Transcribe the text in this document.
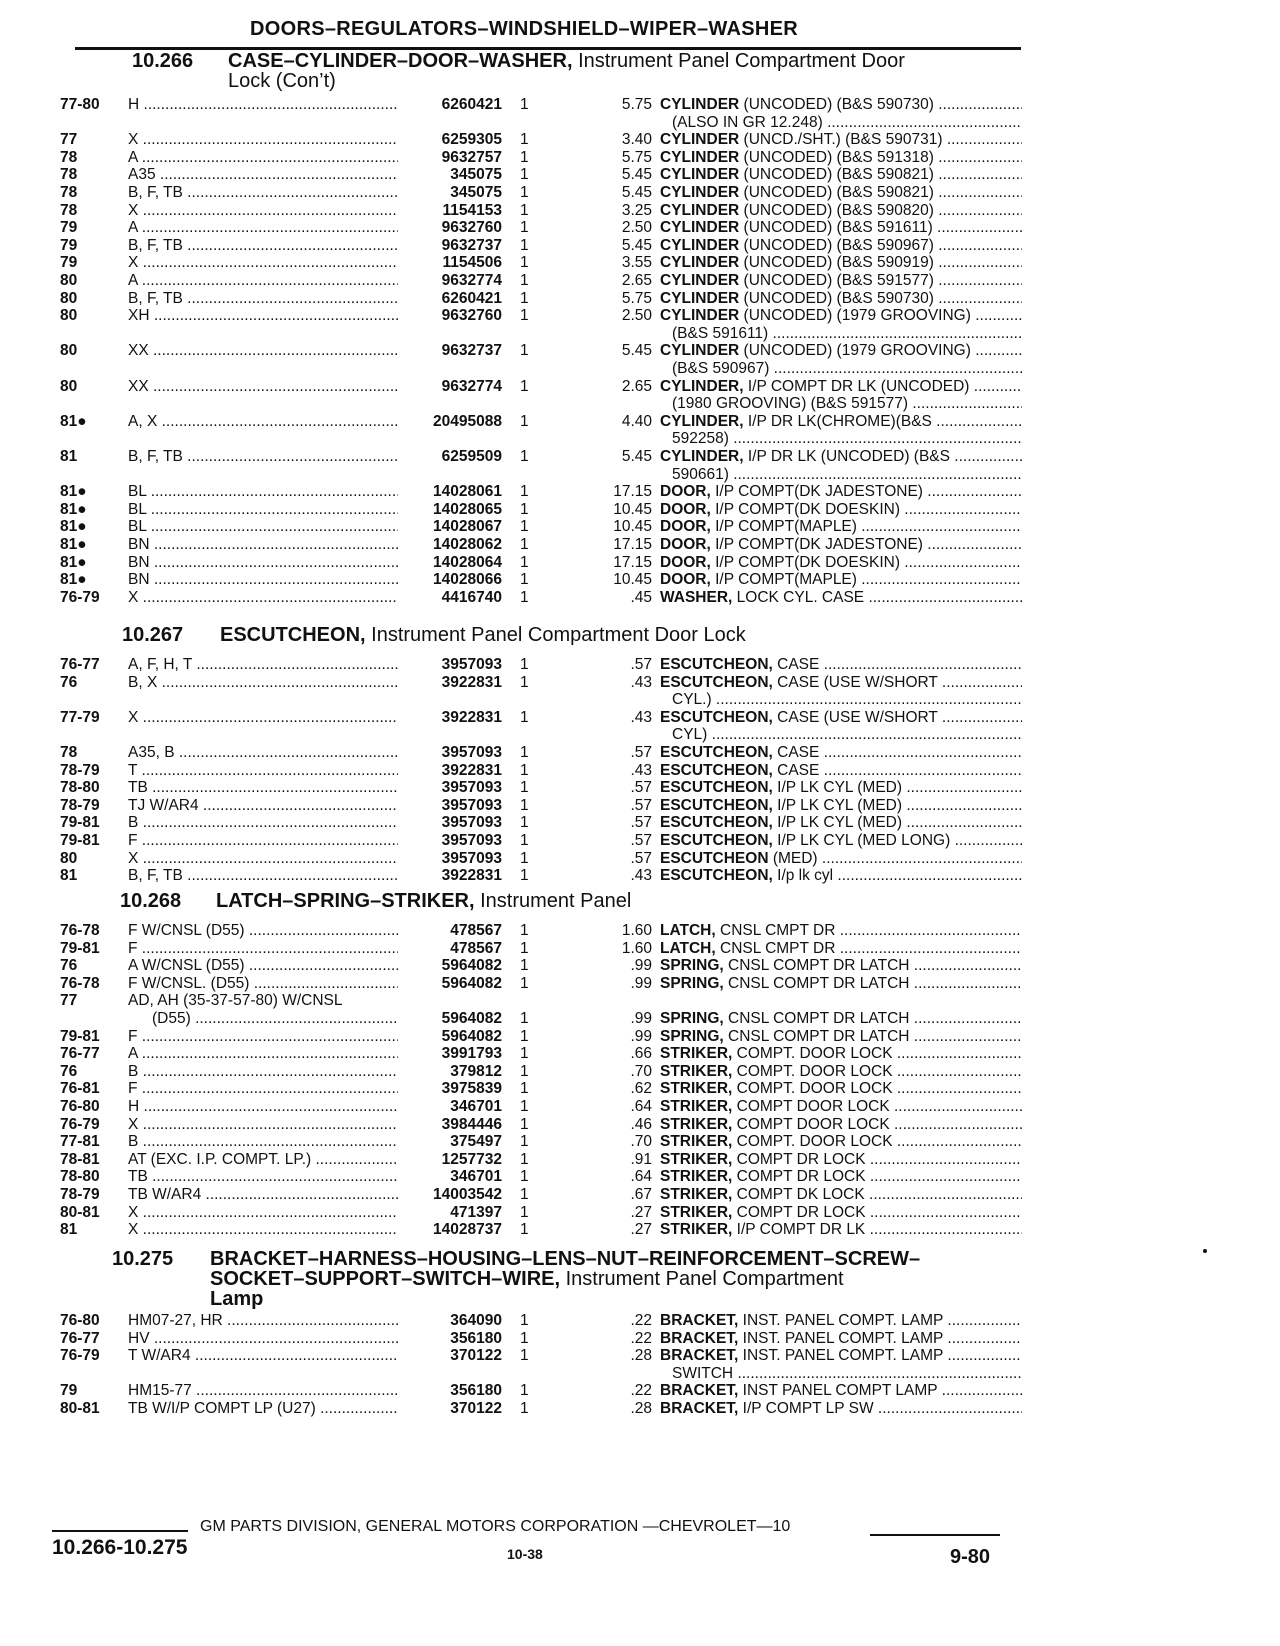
DOORS–REGULATORS–WINDSHIELD–WIPER–WASHER
10.266 CASE–CYLINDER–DOOR–WASHER, Instrument Panel Compartment Door
Lock (Con’t)
77-80	H .....	6260421 1	5.75 CYLINDER (UNCODED) (B&S 590730) .....
(ALSO IN GR 12.248) .....
77	X .....	6259305 1	3.40 CYLINDER (UNCD./SHT.) (B&S 590731) .....
78	A .....	9632757 1	5.75 CYLINDER (UNCODED) (B&S 591318) .....
78	A35 .....	345075 1	5.45 CYLINDER (UNCODED) (B&S 590821) .....
78	B, F, TB .....	345075 1	5.45 CYLINDER (UNCODED) (B&S 590821) .....
78	X .....	1154153 1	3.25 CYLINDER (UNCODED) (B&S 590820) .....
79	A .....	9632760 1	2.50 CYLINDER (UNCODED) (B&S 591611) .....
79	B, F, TB .....	9632737 1	5.45 CYLINDER (UNCODED) (B&S 590967) .....
79	X .....	1154506 1	3.55 CYLINDER (UNCODED) (B&S 590919) .....
80	A .....	9632774 1	2.65 CYLINDER (UNCODED) (B&S 591577) .....
80	B, F, TB .....	6260421 1	5.75 CYLINDER (UNCODED) (B&S 590730) .....
80	XH .....	9632760 1	2.50 CYLINDER (UNCODED) (1979 GROOVING) .....
(B&S 591611) .....
80	XX .....	9632737 1	5.45 CYLINDER (UNCODED) (1979 GROOVING) .....
(B&S 590967) .....
80	XX .....	9632774 1	2.65 CYLINDER, I/P COMPT DR LK (UNCODED) .....
(1980 GROOVING) (B&S 591577) .....
81●	A, X .....	20495088 1	4.40 CYLINDER, I/P DR LK(CHROME)(B&S .....
592258) .....
81	B, F, TB .....	6259509 1	5.45 CYLINDER, I/P DR LK (UNCODED) (B&S .....
590661) .....
81●	BL .....	14028061 1	17.15 DOOR, I/P COMPT(DK JADESTONE) .....
81●	BL .....	14028065 1	10.45 DOOR, I/P COMPT(DK DOESKIN) .....
81●	BL .....	14028067 1	10.45 DOOR, I/P COMPT(MAPLE) .....
81●	BN .....	14028062 1	17.15 DOOR, I/P COMPT(DK JADESTONE) .....
81●	BN .....	14028064 1	17.15 DOOR, I/P COMPT(DK DOESKIN) .....
81●	BN .....	14028066 1	10.45 DOOR, I/P COMPT(MAPLE) .....
76-79	X .....	4416740 1	.45 WASHER, LOCK CYL. CASE .....
10.267 ESCUTCHEON, Instrument Panel Compartment Door Lock
76-77	A, F, H, T .....	3957093 1	.57 ESCUTCHEON, CASE .....
76	B, X .....	3922831 1	.43 ESCUTCHEON, CASE (USE W/SHORT .....
CYL.) .....
77-79	X .....	3922831 1	.43 ESCUTCHEON, CASE (USE W/SHORT .....
CYL) .....
78	A35, B .....	3957093 1	.57 ESCUTCHEON, CASE .....
78-79	T .....	3922831 1	.43 ESCUTCHEON, CASE .....
78-80	TB .....	3957093 1	.57 ESCUTCHEON, I/P LK CYL (MED) .....
78-79	TJ W/AR4 .....	3957093 1	.57 ESCUTCHEON, I/P LK CYL (MED) .....
79-81	B .....	3957093 1	.57 ESCUTCHEON, I/P LK CYL (MED) .....
79-81	F .....	3957093 1	.57 ESCUTCHEON, I/P LK CYL (MED LONG) .....
80	X .....	3957093 1	.57 ESCUTCHEON (MED) .....
81	B, F, TB .....	3922831 1	.43 ESCUTCHEON, I/p lk cyl .....
10.268 LATCH–SPRING–STRIKER, Instrument Panel
76-78	F W/CNSL (D55) .....	478567 1	1.60 LATCH, CNSL CMPT DR .....
79-81	F .....	478567 1	1.60 LATCH, CNSL CMPT DR .....
76	A W/CNSL (D55) .....	5964082 1	.99 SPRING, CNSL COMPT DR LATCH .....
76-78	F W/CNSL. (D55) .....	5964082 1	.99 SPRING, CNSL COMPT DR LATCH .....
77	AD, AH (35-37-57-80) W/CNSL
5964082 1	.99 SPRING, CNSL COMPT DR LATCH .....
79-81	F .....	5964082 1	.99 SPRING, CNSL COMPT DR LATCH .....
76-77	A .....	3991793 1	.66 STRIKER, COMPT. DOOR LOCK .....
76	B .....	379812 1	.70 STRIKER, COMPT. DOOR LOCK .....
76-81	F .....	3975839 1	.62 STRIKER, COMPT. DOOR LOCK .....
76-80	H .....	346701 1	.64 STRIKER, COMPT DOOR LOCK .....
76-79	X .....	3984446 1	.46 STRIKER, COMPT DOOR LOCK .....
77-81	B .....	375497 1	.70 STRIKER, COMPT. DOOR LOCK .....
78-81	AT (EXC. I.P. COMPT. LP.) .....	1257732 1	.91 STRIKER, COMPT DR LOCK .....
78-80	TB .....	346701 1	.64 STRIKER, COMPT DR LOCK .....
78-79	TB W/AR4 .....	14003542 1	.67 STRIKER, COMPT DK LOCK .....
80-81	X .....	471397 1	.27 STRIKER, COMPT DR LOCK .....
81	X .....	14028737 1	.27 STRIKER, I/P COMPT DR LK .....
10.275 BRACKET–HARNESS–HOUSING–LENS–NUT–REINFORCEMENT–SCREW–
SOCKET–SUPPORT–SWITCH–WIRE, Instrument Panel Compartment
Lamp
76-80	HM07-27, HR .....	364090 1	.22 BRACKET, INST. PANEL COMPT. LAMP .....
76-77	HV .....	356180 1	.22 BRACKET, INST. PANEL COMPT. LAMP .....
76-79	T W/AR4 .....	370122 1	.28 BRACKET, INST. PANEL COMPT. LAMP .....
SWITCH .....
79	HM15-77 .....	356180 1	.22 BRACKET, INST PANEL COMPT LAMP .....
80-81	TB W/I/P COMPT LP (U27) .....	370122 1	.28 BRACKET, I/P COMPT LP SW .....
(D55) .....
GM PARTS DIVISION, GENERAL MOTORS CORPORATION —CHEVROLET—10
10.266-10.275	10-38	9-80
